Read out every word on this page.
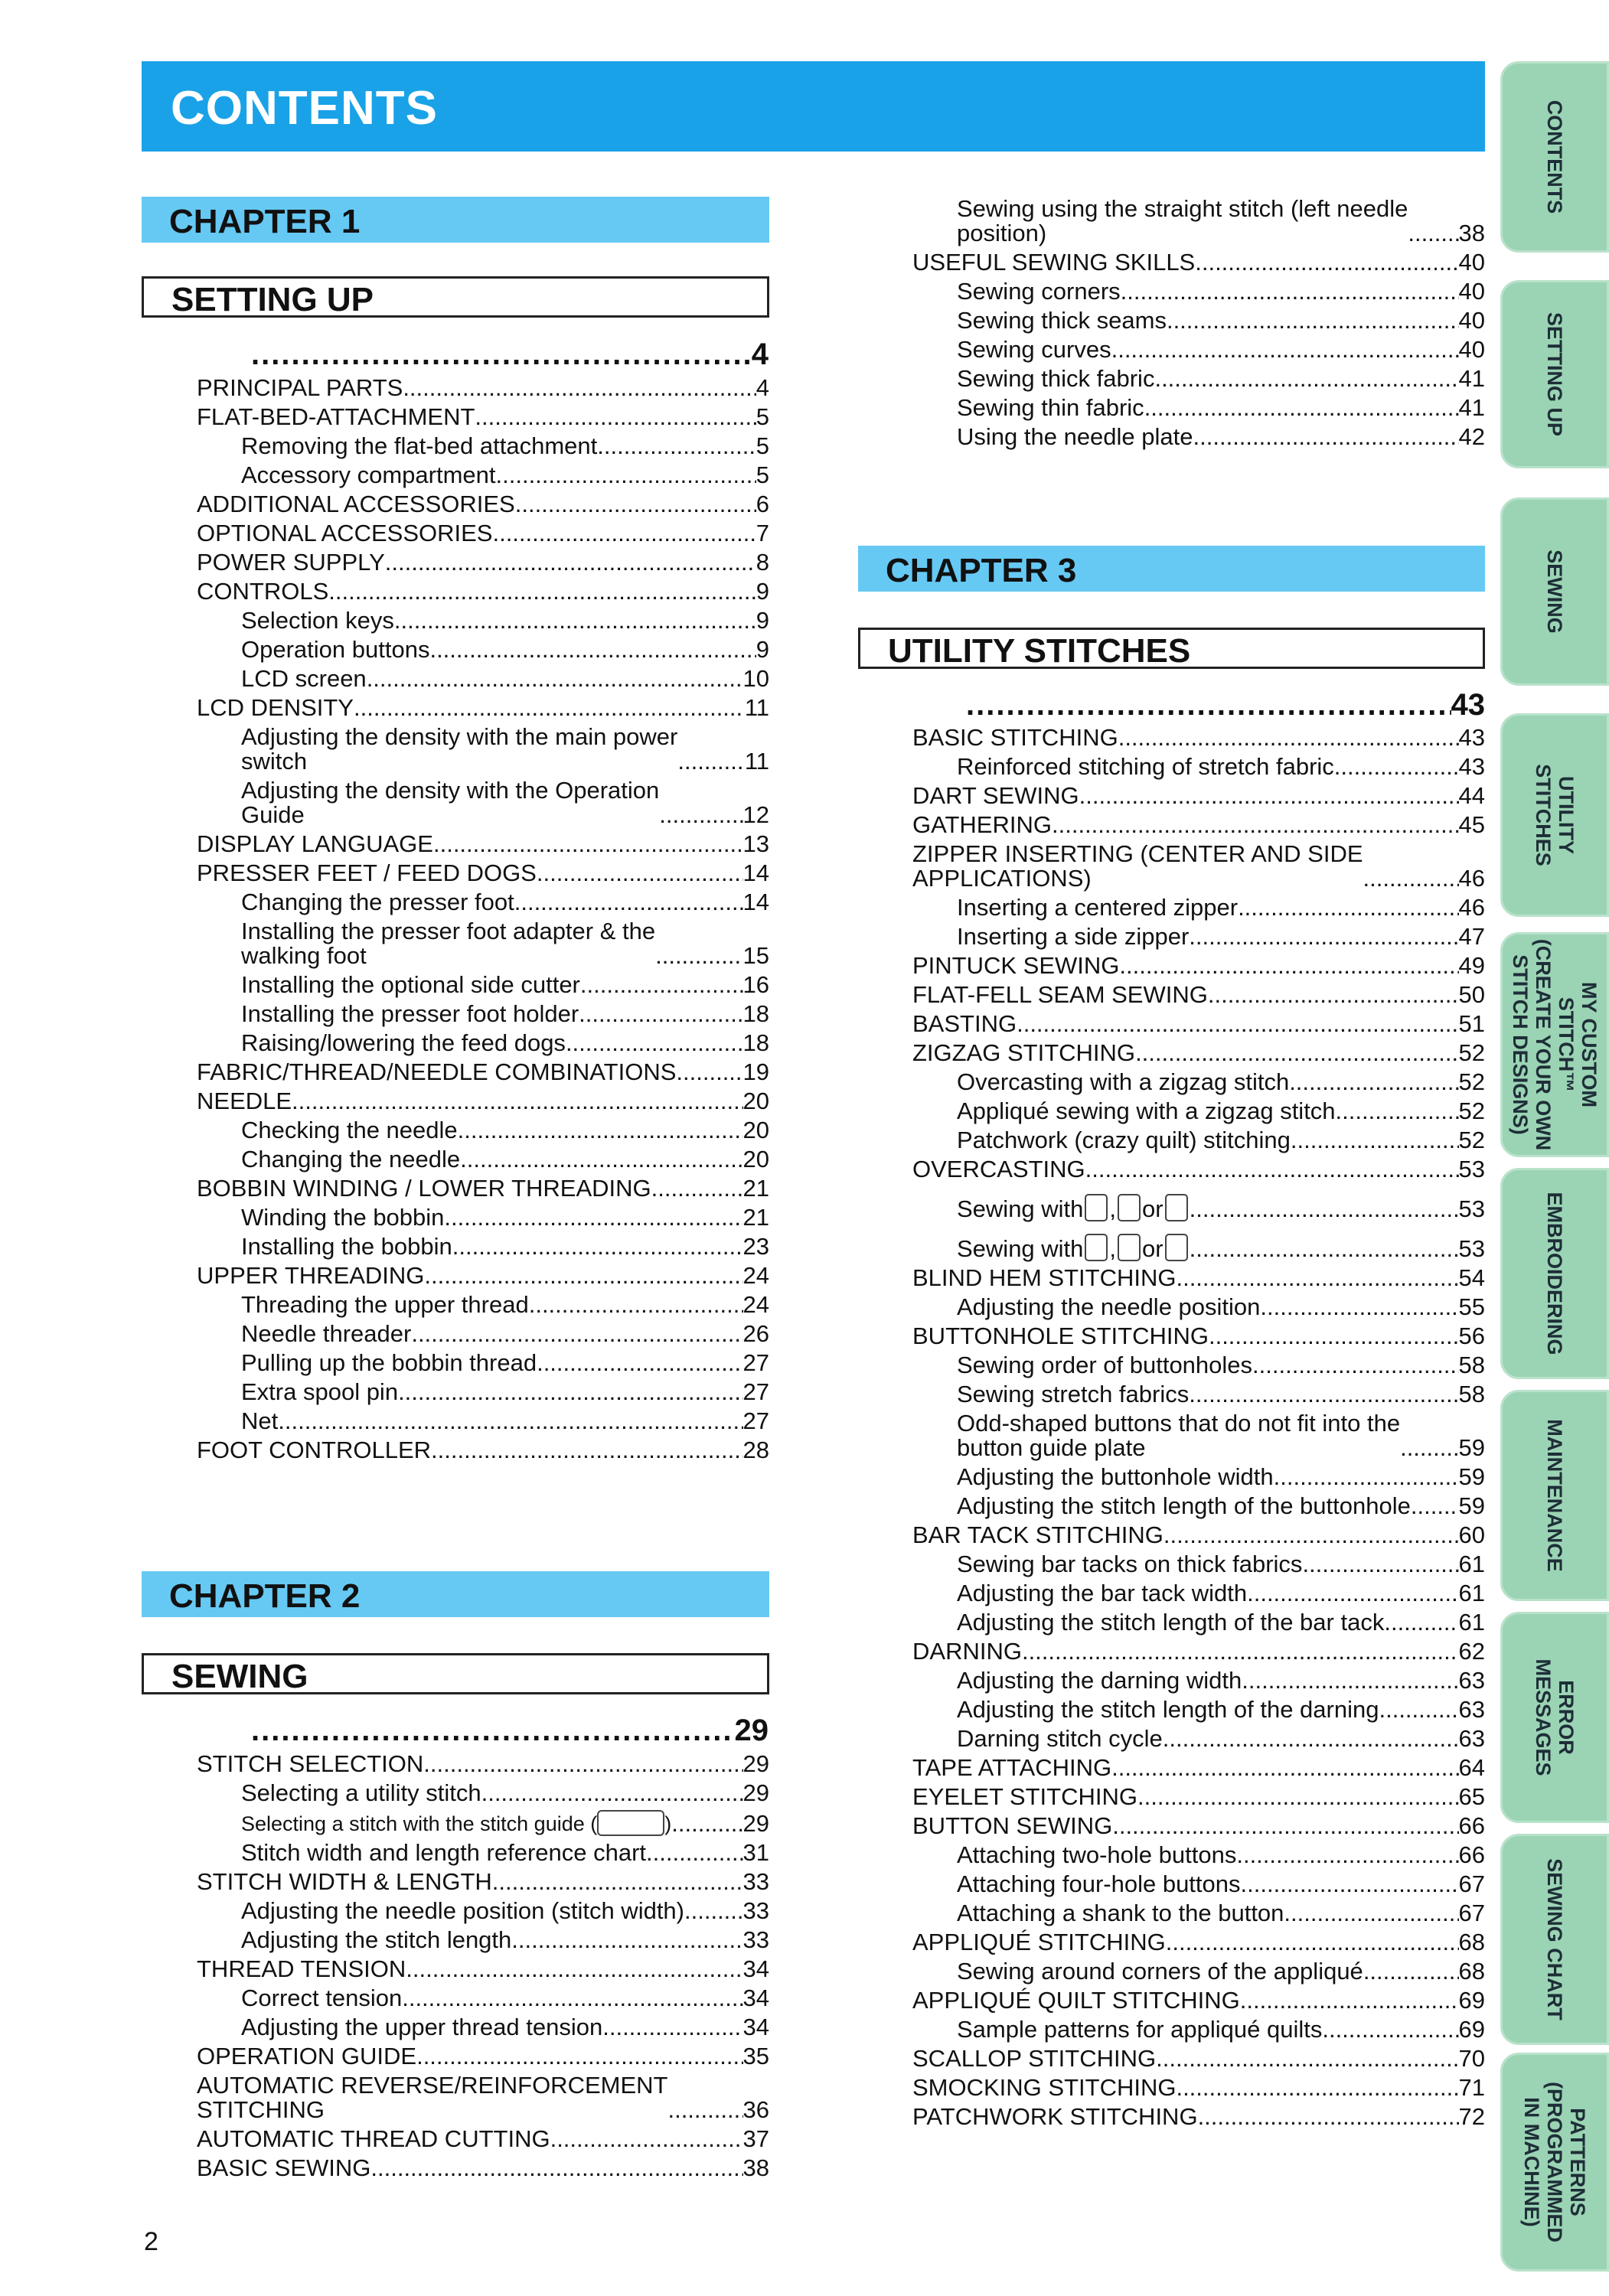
CONTENTS
CHAPTER 1
SETTING UP
.....
4
PRINCIPAL PARTS .....	4
FLAT-BED-ATTACHMENT .....	5
Removing the flat-bed attachment .....	5
Accessory compartment .....	5
ADDITIONAL ACCESSORIES .....	6
OPTIONAL ACCESSORIES .....	7
POWER SUPPLY .....	8
CONTROLS .....	9
Selection keys .....	9
Operation buttons .....	9
LCD screen .....	10
LCD DENSITY .....	11
Adjusting the density with the main power
switch .....	11
Adjusting the density with the Operation
Guide .....	12
DISPLAY LANGUAGE .....	13
PRESSER FEET / FEED DOGS .....	14
Changing the presser foot .....	14
Installing the presser foot adapter & the
walking foot .....	15
Installing the optional side cutter .....	16
Installing the presser foot holder .....	18
Raising/lowering the feed dogs .....	18
FABRIC/THREAD/NEEDLE COMBINATIONS .....	19
NEEDLE .....	20
Checking the needle .....	20
Changing the needle .....	20
BOBBIN WINDING / LOWER THREADING .....	21
Winding the bobbin .....	21
Installing the bobbin .....	23
UPPER THREADING .....	24
Threading the upper thread .....	24
Needle threader .....	26
Pulling up the bobbin thread .....	27
Extra spool pin .....	27
Net .....	27
FOOT CONTROLLER .....	28
CHAPTER 2
SEWING
.....
29
STITCH SELECTION .....	29
Selecting a utility stitch .....	29
Selecting a stitch with the stitch guide (	) .....	29
Stitch width and length reference chart .....	31
STITCH WIDTH & LENGTH .....	33
Adjusting the needle position (stitch width) ..... 33
Adjusting the stitch length .....	33
THREAD TENSION .....	34
Correct tension .....	34
Adjusting the upper thread tension .....	34
OPERATION GUIDE .....	35
AUTOMATIC REVERSE/REINFORCEMENT
STITCHING .....	36
AUTOMATIC THREAD CUTTING .....	37
BASIC SEWING .....	38
Sewing using the straight stitch (left needle
position) .....	38
USEFUL SEWING SKILLS .....	40
Sewing corners .....	40
Sewing thick seams .....	40
Sewing curves .....	40
Sewing thick fabric .....	41
Sewing thin fabric .....	41
Using the needle plate .....	42
CHAPTER 3
UTILITY STITCHES
.....
43
BASIC STITCHING .....	43
Reinforced stitching of stretch fabric .....	43
DART SEWING .....	44
GATHERING .....	45
ZIPPER INSERTING (CENTER AND SIDE
APPLICATIONS) .....	46
Inserting a centered zipper .....	46
Inserting a side zipper .....	47
PINTUCK SEWING .....	49
FLAT-FELL SEAM SEWING .....	50
BASTING .....	51
ZIGZAG STITCHING .....	52
Overcasting with a zigzag stitch .....	52
Appliqué sewing with a zigzag stitch .....	52
Patchwork (crazy quilt) stitching .....	52
OVERCASTING .....	53
Sewing with , or .....	53
Sewing with , or .....	53
BLIND HEM STITCHING .....	54
Adjusting the needle position .....	55
BUTTONHOLE STITCHING .....	56
Sewing order of buttonholes .....	58
Sewing stretch fabrics .....	58
Odd-shaped buttons that do not fit into the
button guide plate .....	59
Adjusting the buttonhole width .....	59
Adjusting the stitch length of the buttonhole ..... 59
BAR TACK STITCHING .....	60
Sewing bar tacks on thick fabrics .....	61
Adjusting the bar tack width .....	61
Adjusting the stitch length of the bar tack .....	61
DARNING .....	62
Adjusting the darning width .....	63
Adjusting the stitch length of the darning .....	63
Darning stitch cycle .....	63
TAPE ATTACHING .....	64
EYELET STITCHING .....	65
BUTTON SEWING .....	66
Attaching two-hole buttons .....	66
Attaching four-hole buttons .....	67
Attaching a shank to the button .....	67
APPLIQUÉ STITCHING .....	68
Sewing around corners of the appliqué .....	68
APPLIQUÉ QUILT STITCHING .....	69
Sample patterns for appliqué quilts .....	69
SCALLOP STITCHING .....	70
SMOCKING STITCHING .....	71
PATCHWORK STITCHING .....	72
CONTENTS
SETTING UP
SEWING
UTILITY
STITCHES
MY CUSTOM
STITCH™
(CREATE YOUR OWN
STITCH DESIGNS)
EMBROIDERING
MAINTENANCE
ERROR
MESSAGES
SEWING CHART
PATTERNS
(PROGRAMMED
IN MACHINE)
2
